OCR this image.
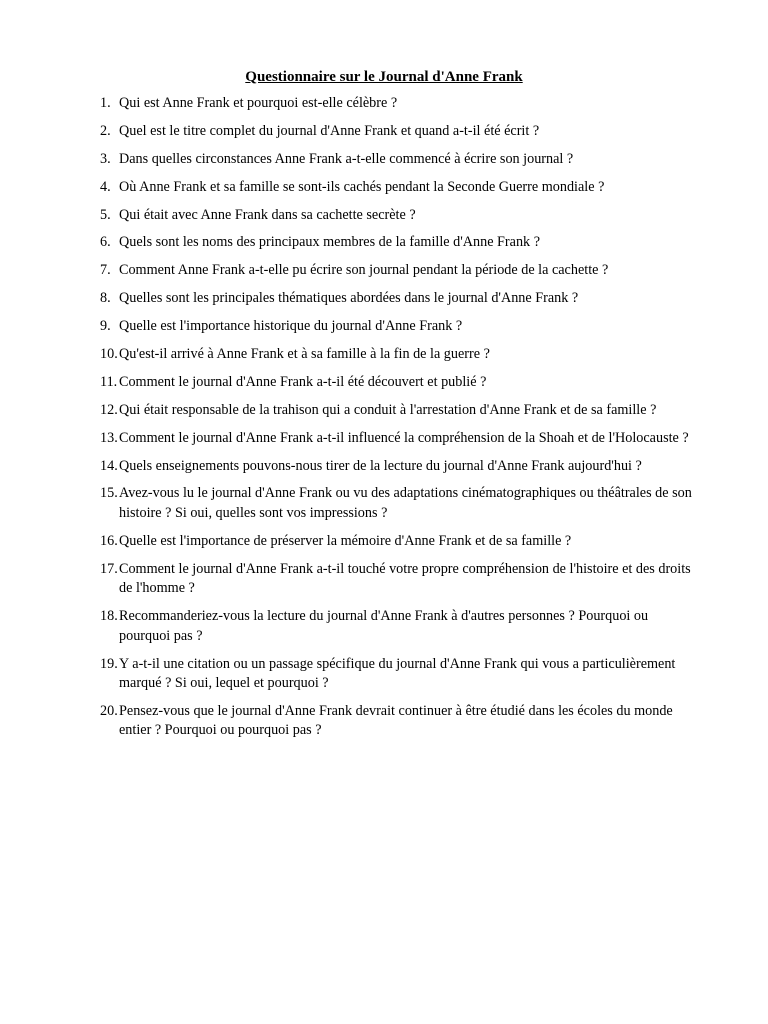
Questionnaire sur le Journal d'Anne Frank
1. Qui est Anne Frank et pourquoi est-elle célèbre ?
2. Quel est le titre complet du journal d'Anne Frank et quand a-t-il été écrit ?
3. Dans quelles circonstances Anne Frank a-t-elle commencé à écrire son journal ?
4. Où Anne Frank et sa famille se sont-ils cachés pendant la Seconde Guerre mondiale ?
5. Qui était avec Anne Frank dans sa cachette secrète ?
6. Quels sont les noms des principaux membres de la famille d'Anne Frank ?
7. Comment Anne Frank a-t-elle pu écrire son journal pendant la période de la cachette ?
8. Quelles sont les principales thématiques abordées dans le journal d'Anne Frank ?
9. Quelle est l'importance historique du journal d'Anne Frank ?
10. Qu'est-il arrivé à Anne Frank et à sa famille à la fin de la guerre ?
11. Comment le journal d'Anne Frank a-t-il été découvert et publié ?
12. Qui était responsable de la trahison qui a conduit à l'arrestation d'Anne Frank et de sa famille ?
13. Comment le journal d'Anne Frank a-t-il influencé la compréhension de la Shoah et de l'Holocauste ?
14. Quels enseignements pouvons-nous tirer de la lecture du journal d'Anne Frank aujourd'hui ?
15. Avez-vous lu le journal d'Anne Frank ou vu des adaptations cinématographiques ou théâtrales de son histoire ? Si oui, quelles sont vos impressions ?
16. Quelle est l'importance de préserver la mémoire d'Anne Frank et de sa famille ?
17. Comment le journal d'Anne Frank a-t-il touché votre propre compréhension de l'histoire et des droits de l'homme ?
18. Recommanderiez-vous la lecture du journal d'Anne Frank à d'autres personnes ? Pourquoi ou pourquoi pas ?
19. Y a-t-il une citation ou un passage spécifique du journal d'Anne Frank qui vous a particulièrement marqué ? Si oui, lequel et pourquoi ?
20. Pensez-vous que le journal d'Anne Frank devrait continuer à être étudié dans les écoles du monde entier ? Pourquoi ou pourquoi pas ?
